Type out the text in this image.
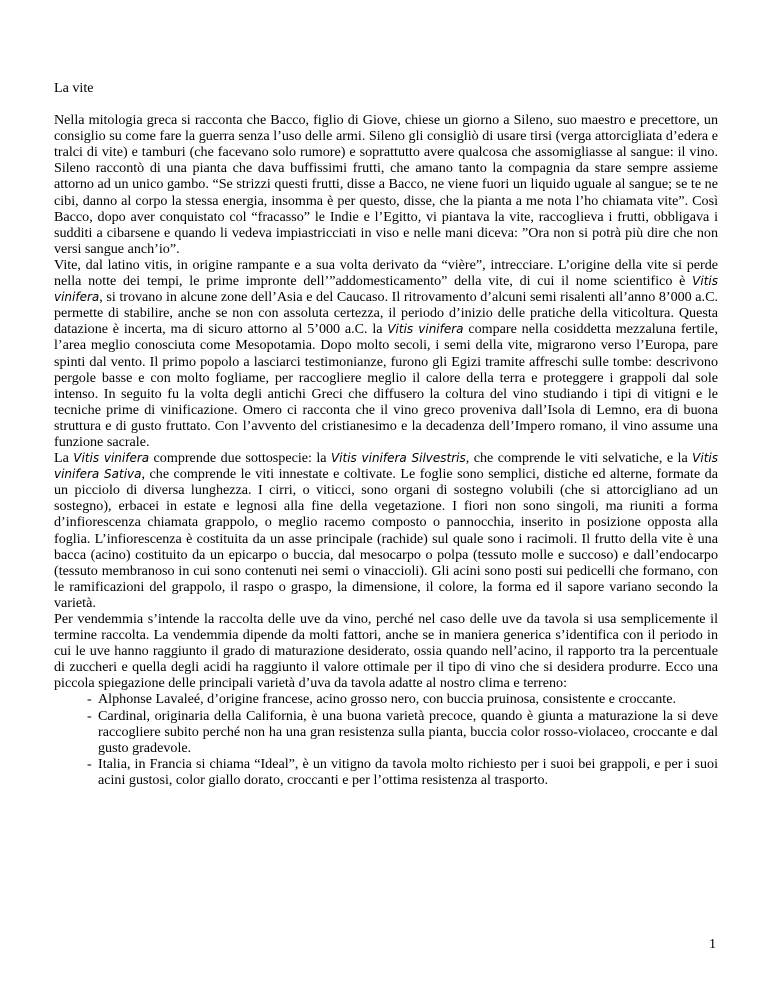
La vite

Nella mitologia greca si racconta che Bacco, figlio di Giove, chiese un giorno a Sileno, suo maestro e precettore, un consiglio su come fare la guerra senza l’uso delle armi. Sileno gli consigliò di usare tirsi (verga attorcigliata d’edera e tralci di vite) e tamburi (che facevano solo rumore) e soprattutto avere qualcosa che assomigliasse al sangue: il vino. Sileno raccontò di una pianta che dava buffissimi frutti, che amano tanto la compagnia da stare sempre assieme attorno ad un unico gambo. “Se strizzi questi frutti, disse a Bacco, ne viene fuori un liquido uguale al sangue; se te ne cibi, danno al corpo la stessa energia, insomma è per questo, disse, che la pianta a me nota l’ho chiamata vite”. Così Bacco, dopo aver conquistato col “fracasso” le Indie e l’Egitto, vi piantava la vite, raccoglieva i frutti, obbligava i sudditi a cibarsene e quando li vedeva impiastricciati in viso e nelle mani diceva: ”Ora non si potrà più dire che non versi sangue anch’io”.

Vite, dal latino vitis, in origine rampante e a sua volta derivato da “vière”, intrecciare. L’origine della vite si perde nella notte dei tempi, le prime impronte dell’”addomesticamento” della vite, di cui il nome scientifico è Vitis vinifera, si trovano in alcune zone dell’Asia e del Caucaso. Il ritrovamento d’alcuni semi risalenti all’anno 8’000 a.C. permette di stabilire, anche se non con assoluta certezza, il periodo d’inizio delle pratiche della viticoltura. Questa datazione è incerta, ma di sicuro attorno al 5’000 a.C. la Vitis vinifera compare nella cosiddetta mezzaluna fertile, l’area meglio conosciuta come Mesopotamia. Dopo molto secoli, i semi della vite, migrarono verso l’Europa, pare spinti dal vento. Il primo popolo a lasciarci testimonianze, furono gli Egizi tramite affreschi sulle tombe: descrivono pergole basse e con molto fogliame, per raccogliere meglio il calore della terra e proteggere i grappoli dal sole intenso. In seguito fu la volta degli antichi Greci che diffusero la coltura del vino studiando i tipi di vitigni e le tecniche prime di vinificazione. Omero ci racconta che il vino greco proveniva dall’Isola di Lemno, era di buona struttura e di gusto fruttato. Con l’avvento del cristianesimo e la decadenza dell’Impero romano, il vino assume una funzione sacrale.

La Vitis vinifera comprende due sottospecie: la Vitis vinifera Silvestris, che comprende le viti selvatiche, e la Vitis vinifera Sativa, che comprende le viti innestate e coltivate. Le foglie sono semplici, distiche ed alterne, formate da un picciolo di diversa lunghezza. I cirri, o viticci, sono organi di sostegno volubili (che si attorcigliano ad un sostegno), erbacei in estate e legnosi alla fine della vegetazione. I fiori non sono singoli, ma riuniti a forma d’infiorescenza chiamata grappolo, o meglio racemo composto o pannocchia, inserito in posizione opposta alla foglia. L’infiorescenza è costituita da un asse principale (rachide) sul quale sono i racimoli. Il frutto della vite è una bacca (acino) costituito da un epicarpo o buccia, dal mesocarpo o polpa (tessuto molle e succoso) e dall’endocarpo (tessuto membranoso in cui sono contenuti nei semi o vinaccioli). Gli acini sono posti sui pedicelli che formano, con le ramificazioni del grappolo, il raspo o graspo, la dimensione, il colore, la forma ed il sapore variano secondo la varietà.

Per vendemmia s’intende la raccolta delle uve da vino, perché nel caso delle uve da tavola si usa semplicemente il termine raccolta. La vendemmia dipende da molti fattori, anche se in maniera generica s’identifica con il periodo in cui le uve hanno raggiunto il grado di maturazione desiderato, ossia quando nell’acino, il rapporto tra la percentuale di zuccheri e quella degli acidi ha raggiunto il valore ottimale per il tipo di vino che si desidera produrre. Ecco una piccola spiegazione delle principali varietà d’uva da tavola adatte al nostro clima e terreno:

- Alphonse Lavaleé, d’origine francese, acino grosso nero, con buccia pruinosa, consistente e croccante.
- Cardinal, originaria della California, è una buona varietà precoce, quando è giunta a maturazione la si deve raccogliere subito perché non ha una gran resistenza sulla pianta, buccia color rosso-violaceo, croccante e dal gusto gradevole.
- Italia, in Francia si chiama “Ideal”, è un vitigno da tavola molto richiesto per i suoi bei grappoli, e per i suoi acini gustosi, color giallo dorato, croccanti e per l’ottima resistenza al trasporto.
1
